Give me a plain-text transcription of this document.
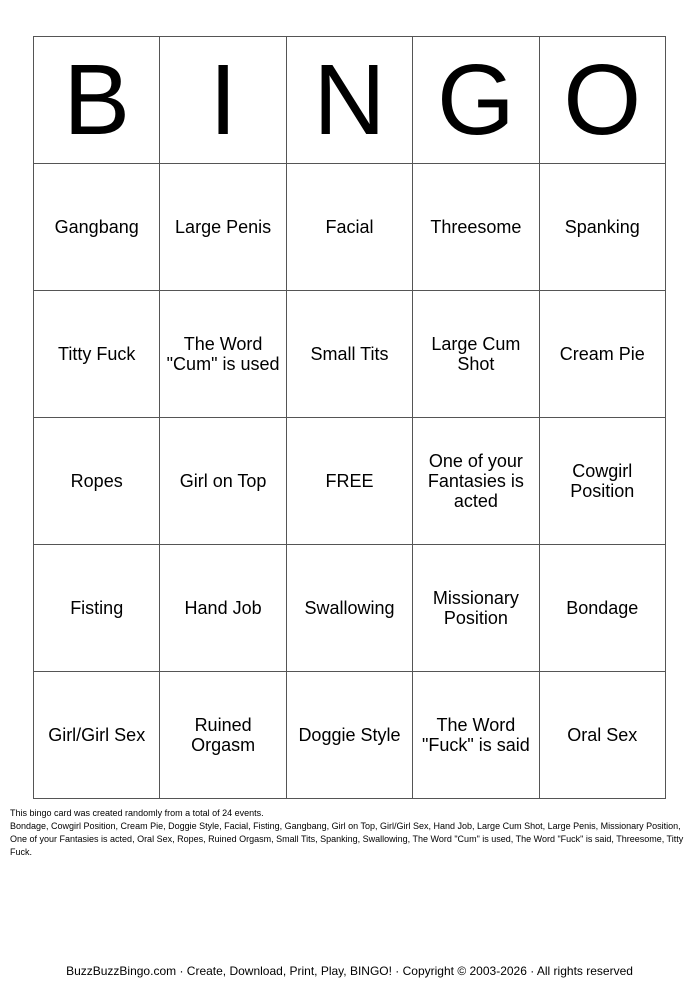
B	I	N	G	O
Gangbang	Large Penis	Facial	Threesome	Spanking
Titty Fuck	The Word "Cum" is used	Small Tits	Large Cum Shot	Cream Pie
Ropes	Girl on Top	FREE	One of your Fantasies is acted	Cowgirl Position
Fisting	Hand Job	Swallowing	Missionary Position	Bondage
Girl/Girl Sex	Ruined Orgasm	Doggie Style	The Word "Fuck" is said	Oral Sex

This bingo card was created randomly from a total of 24 events.

Bondage, Cowgirl Position, Cream Pie, Doggie Style, Facial, Fisting, Gangbang, Girl on Top, Girl/Girl Sex, Hand Job, Large Cum Shot, Large Penis, Missionary Position, One of your Fantasies is acted, Oral Sex, Ropes, Ruined Orgasm, Small Tits, Spanking, Swallowing, The Word "Cum" is used, The Word "Fuck" is said, Threesome, Titty Fuck.

BuzzBuzzBingo.com · Create, Download, Print, Play, BINGO! · Copyright © 2003-2026 · All rights reserved
